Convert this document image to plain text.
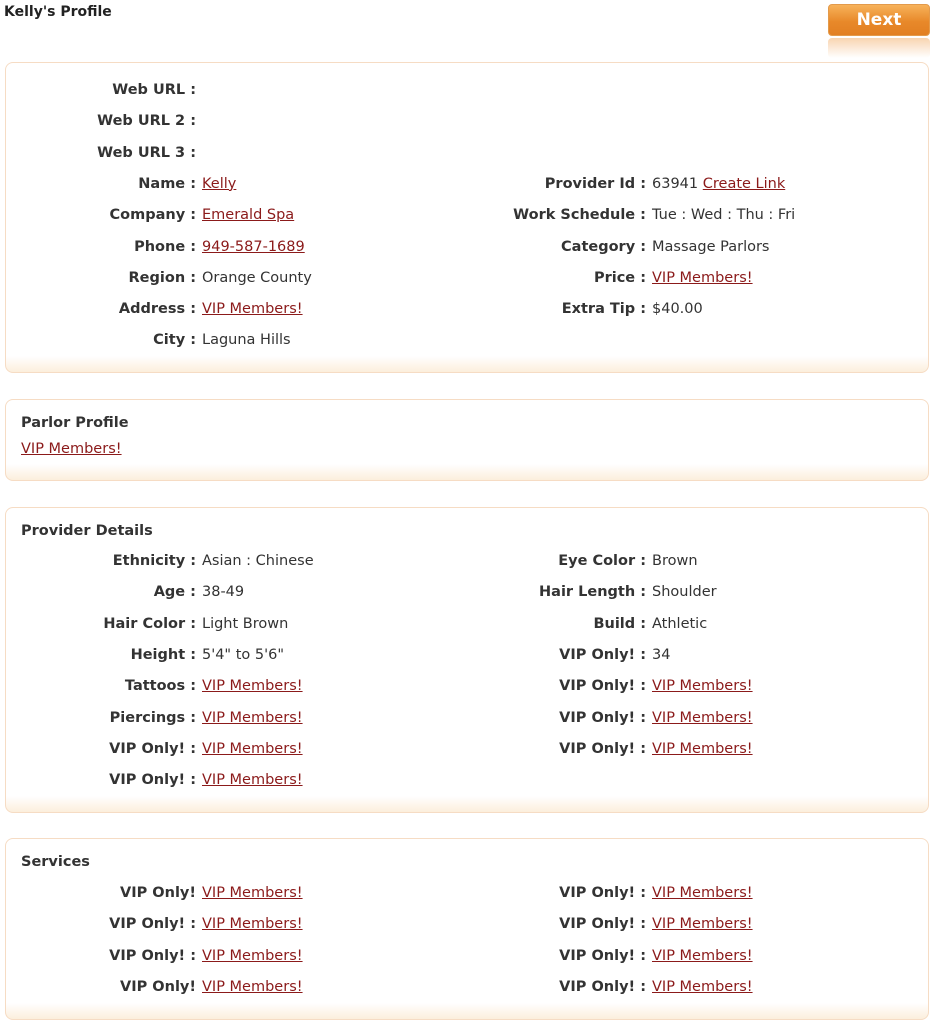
Kelly's Profile	Next
Web URL :
Web URL 2 :
Web URL 3 :
Name : Kelly	Provider Id : 63941 Create Link
Company : Emerald Spa	Work Schedule : Tue : Wed : Thu : Fri
Phone : 949-587-1689	Category : Massage Parlors
Region : Orange County	Price : VIP Members!
Address : VIP Members!	Extra Tip : $40.00
City : Laguna Hills
Parlor Profile
VIP Members!
Provider Details
Ethnicity : Asian : Chinese	Eye Color : Brown
Age : 38-49	Hair Length : Shoulder
Hair Color : Light Brown	Build : Athletic
Height : 5'4" to 5'6"	VIP Only! : 34
Tattoos : VIP Members!	VIP Only! : VIP Members!
Piercings : VIP Members!	VIP Only! : VIP Members!
VIP Only! : VIP Members!	VIP Only! : VIP Members!
VIP Only! : VIP Members!
Services
VIP Only! VIP Members!	VIP Only! : VIP Members!
VIP Only! : VIP Members!	VIP Only! : VIP Members!
VIP Only! : VIP Members!	VIP Only! : VIP Members!
VIP Only! VIP Members!	VIP Only! : VIP Members!
